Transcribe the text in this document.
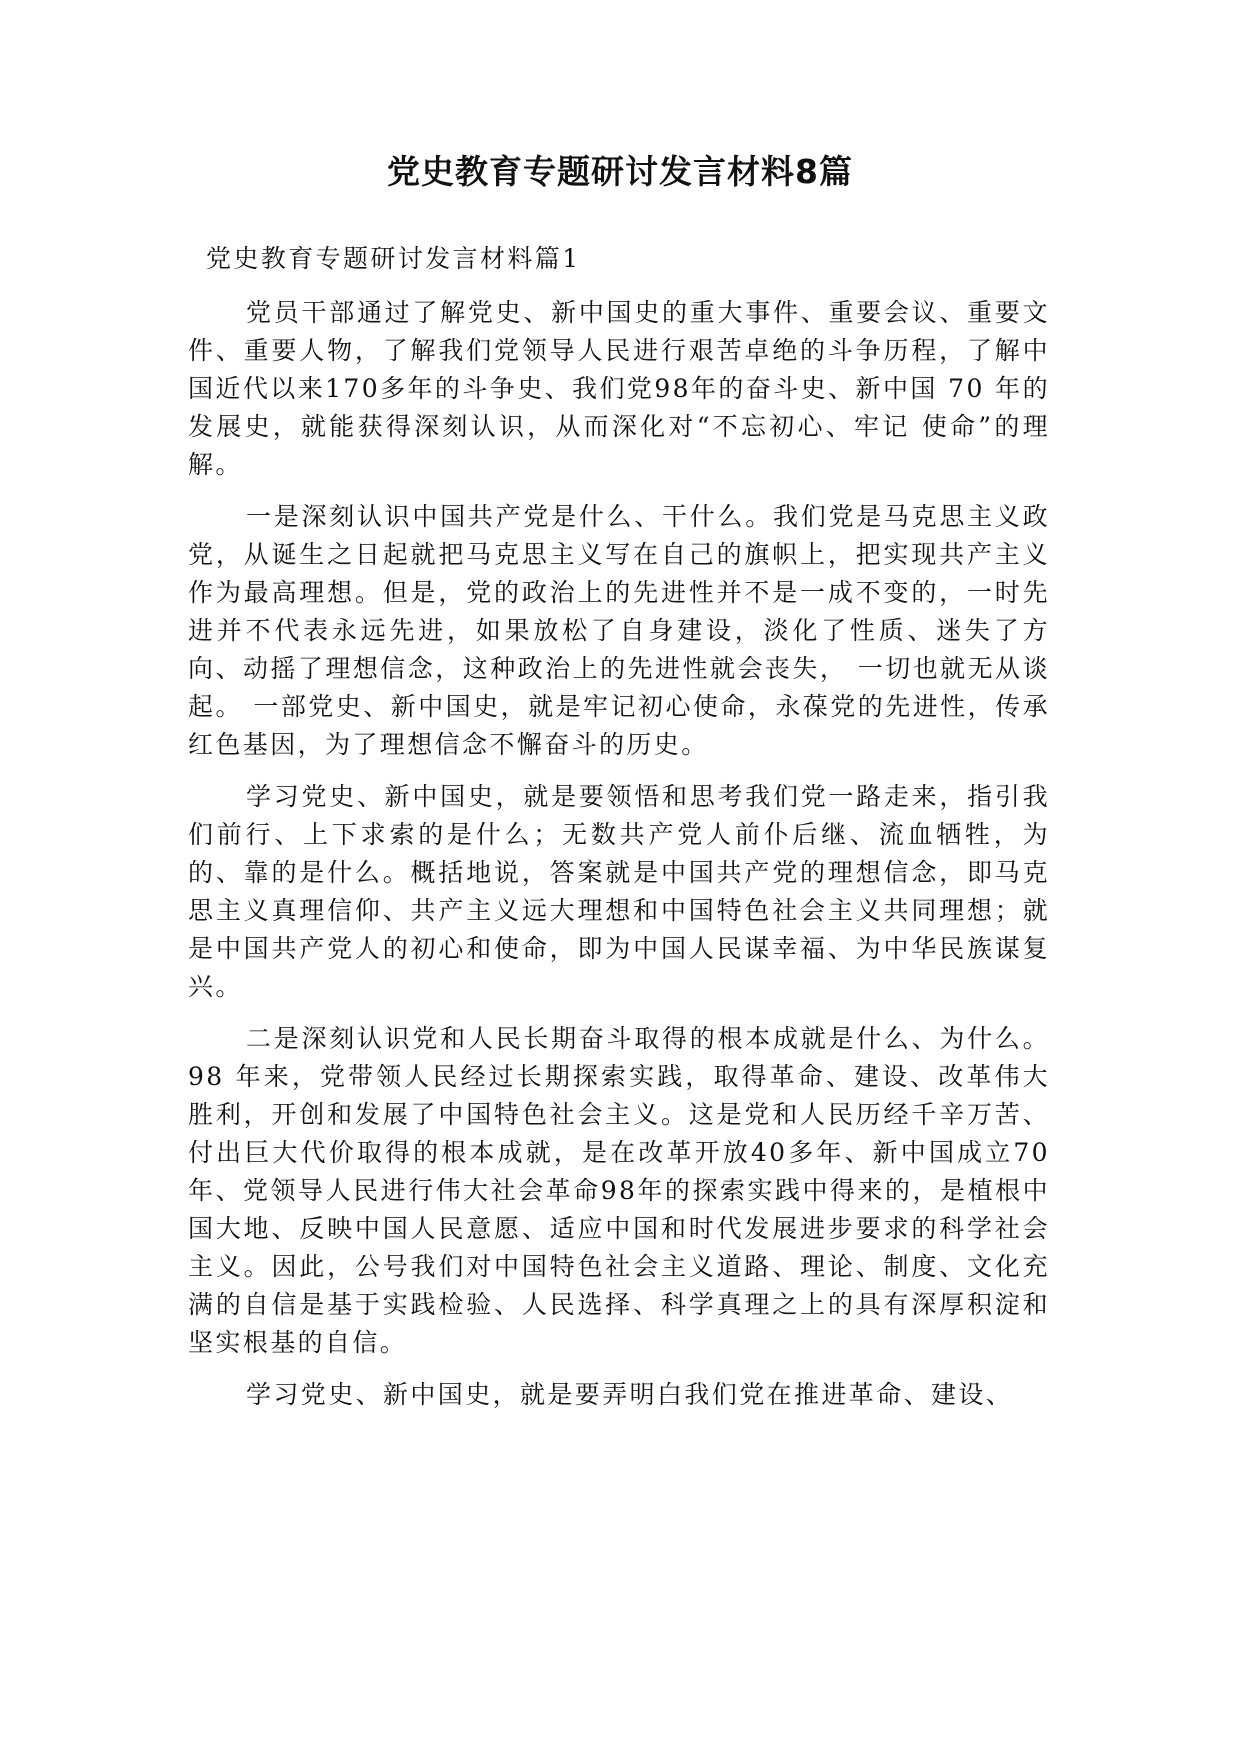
党史教育专题研讨发言材料8篇

党史教育专题研讨发言材料篇1

党员干部通过了解党史、新中国史的重大事件、重要会议、重要文件、重要人物，了解我们党领导人民进行艰苦卓绝的斗争历程，了解中国近代以来170多年的斗争史、我们党98年的奋斗史、新中国 70 年的发展史，就能获得深刻认识，从而深化对“不忘初心、牢记 使命”的理解。

一是深刻认识中国共产党是什么、干什么。我们党是马克思主义政党，从诞生之日起就把马克思主义写在自己的旗帜上，把实现共产主义作为最高理想。但是，党的政治上的先进性并不是一成不变的，一时先进并不代表永远先进，如果放松了自身建设，淡化了性质、迷失了方向、动摇了理想信念，这种政治上的先进性就会丧失， 一切也就无从谈起。 一部党史、新中国史，就是牢记初心使命，永葆党的先进性，传承红色基因，为了理想信念不懈奋斗的历史。

学习党史、新中国史，就是要领悟和思考我们党一路走来，指引我们前行、上下求索的是什么；无数共产党人前仆后继、流血牺牲，为的、靠的是什么。概括地说，答案就是中国共产党的理想信念，即马克思主义真理信仰、共产主义远大理想和中国特色社会主义共同理想；就是中国共产党人的初心和使命，即为中国人民谋幸福、为中华民族谋复兴。

二是深刻认识党和人民长期奋斗取得的根本成就是什么、为什么。98 年来，党带领人民经过长期探索实践，取得革命、建设、改革伟大胜利，开创和发展了中国特色社会主义。这是党和人民历经千辛万苦、付出巨大代价取得的根本成就，是在改革开放40多年、新中国成立70年、党领导人民进行伟大社会革命98年的探索实践中得来的，是植根中国大地、反映中国人民意愿、适应中国和时代发展进步要求的科学社会主义。因此，公号我们对中国特色社会主义道路、理论、制度、文化充满的自信是基于实践检验、人民选择、科学真理之上的具有深厚积淀和坚实根基的自信。

学习党史、新中国史，就是要弄明白我们党在推进革命、建设、
